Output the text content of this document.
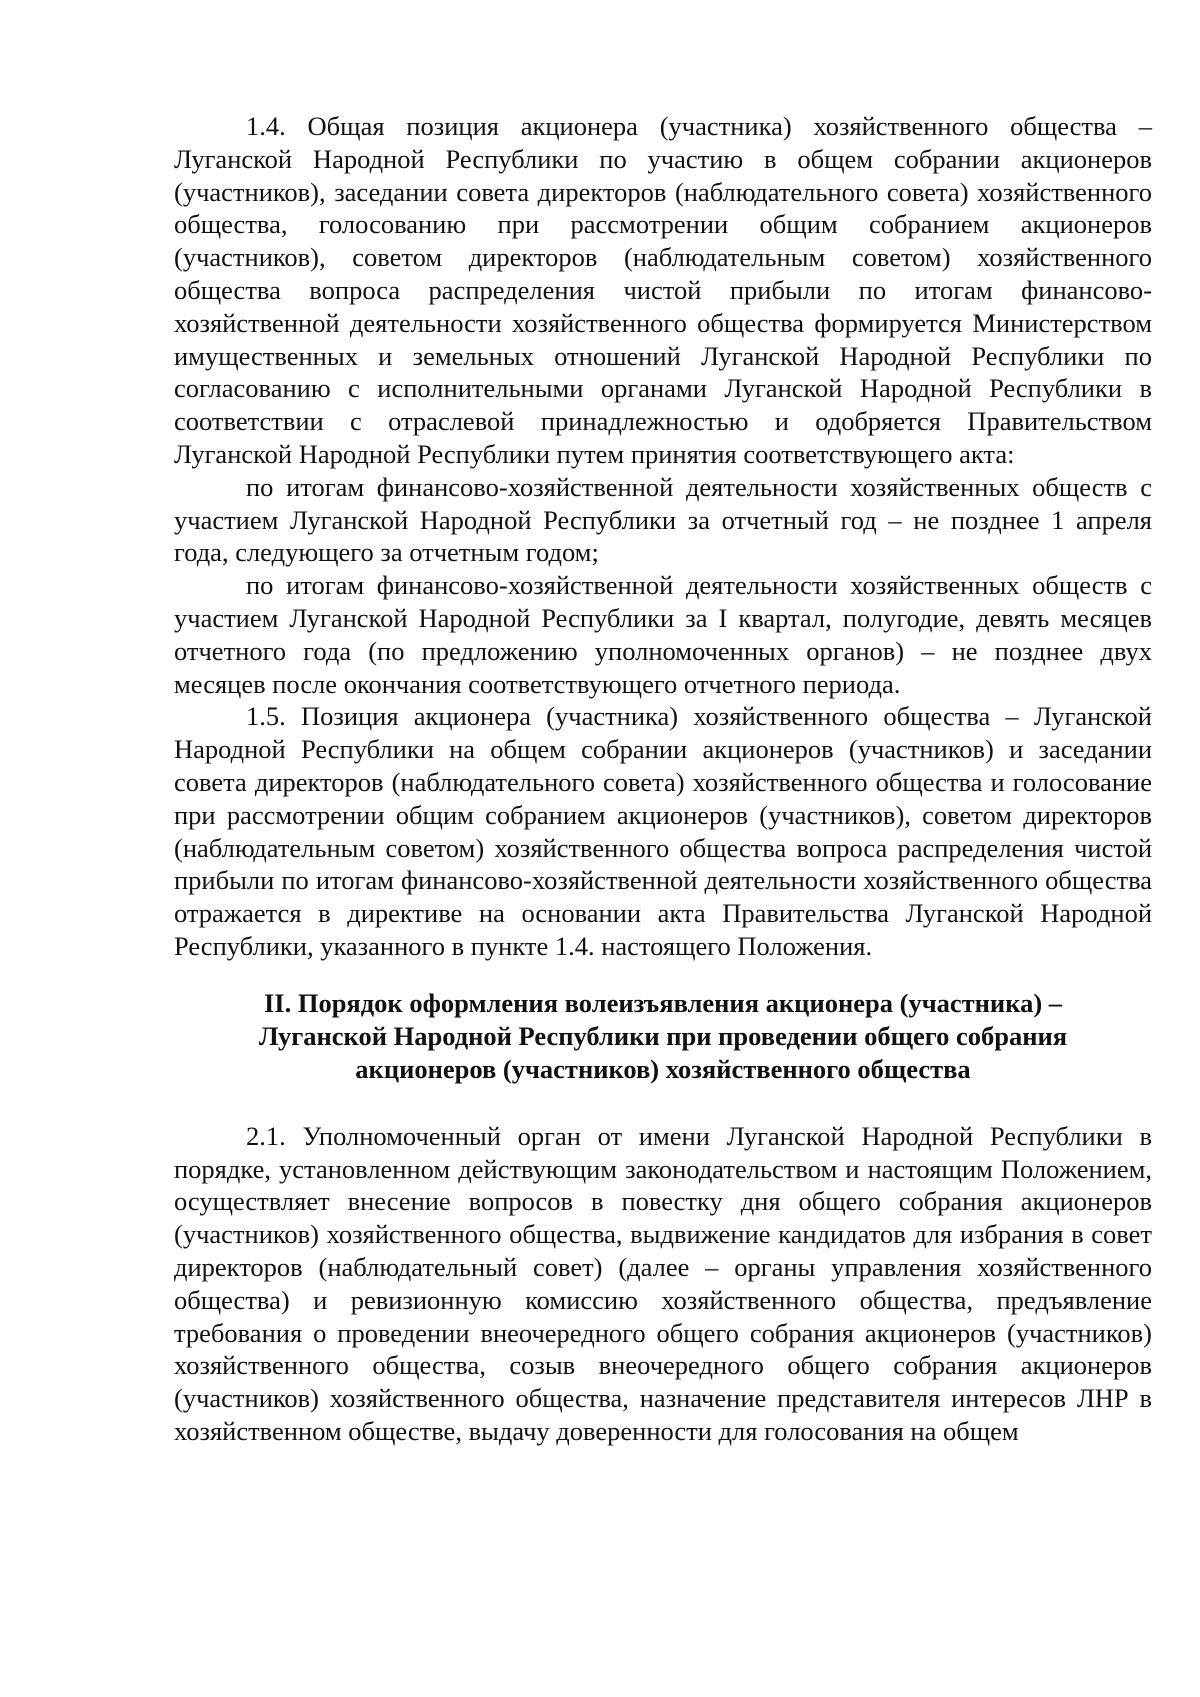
1.4. Общая позиция акционера (участника) хозяйственного общества – Луганской Народной Республики по участию в общем собрании акционеров (участников), заседании совета директоров (наблюдательного совета) хозяйственного общества, голосованию при рассмотрении общим собранием акционеров (участников), советом директоров (наблюдательным советом) хозяйственного общества вопроса распределения чистой прибыли по итогам финансово-хозяйственной деятельности хозяйственного общества формируется Министерством имущественных и земельных отношений Луганской Народной Республики по согласованию с исполнительными органами Луганской Народной Республики в соответствии с отраслевой принадлежностью и одобряется Правительством Луганской Народной Республики путем принятия соответствующего акта:

по итогам финансово-хозяйственной деятельности хозяйственных обществ с участием Луганской Народной Республики за отчетный год – не позднее 1 апреля года, следующего за отчетным годом;

по итогам финансово-хозяйственной деятельности хозяйственных обществ с участием Луганской Народной Республики за I квартал, полугодие, девять месяцев отчетного года (по предложению уполномоченных органов) – не позднее двух месяцев после окончания соответствующего отчетного периода.

1.5. Позиция акционера (участника) хозяйственного общества – Луганской Народной Республики на общем собрании акционеров (участников) и заседании совета директоров (наблюдательного совета) хозяйственного общества и голосование при рассмотрении общим собранием акционеров (участников), советом директоров (наблюдательным советом) хозяйственного общества вопроса распределения чистой прибыли по итогам финансово-хозяйственной деятельности хозяйственного общества отражается в директиве на основании акта Правительства Луганской Народной Республики, указанного в пункте 1.4. настоящего Положения.

II. Порядок оформления волеизъявления акционера (участника) –
Луганской Народной Республики при проведении общего собрания
акционеров (участников) хозяйственного общества

2.1. Уполномоченный орган от имени Луганской Народной Республики в порядке, установленном действующим законодательством и настоящим Положением, осуществляет внесение вопросов в повестку дня общего собрания акционеров (участников) хозяйственного общества, выдвижение кандидатов для избрания в совет директоров (наблюдательный совет) (далее – органы управления хозяйственного общества) и ревизионную комиссию хозяйственного общества, предъявление требования о проведении внеочередного общего собрания акционеров (участников) хозяйственного общества, созыв внеочередного общего собрания акционеров (участников) хозяйственного общества, назначение представителя интересов ЛНР в хозяйственном обществе, выдачу доверенности для голосования на общем
